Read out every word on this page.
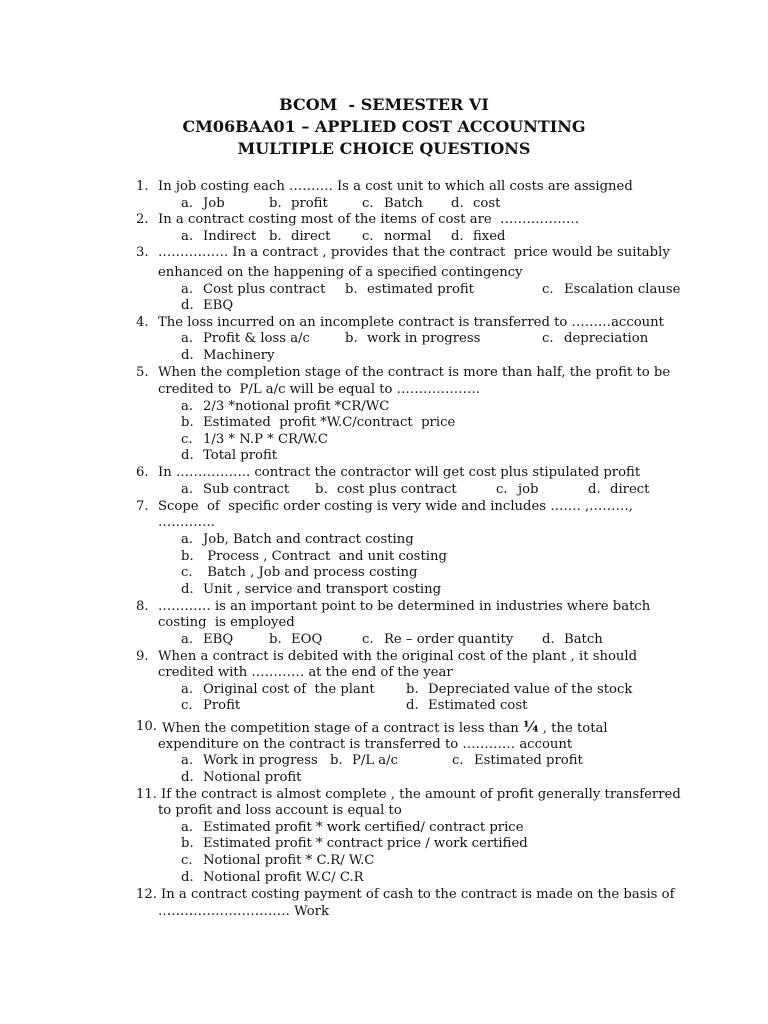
BCOM  - SEMESTER VI
CM06BAA01 – APPLIED COST ACCOUNTING
MULTIPLE CHOICE QUESTIONS
1. In job costing each ………. Is a cost unit to which all costs are assigned
a. Job	b. profit	c. Batch d. cost
2. In a contract costing most of the items of cost are  ………………
a. Indirect b. direct c. normal d. fixed
3. ……………. In a contract , provides that the contract  price would be suitably
enhanced on the happening of a specified contingency
a. Cost plus contract b. estimated profit	c. Escalation clause
d. EBQ
4. The loss incurred on an incomplete contract is transferred to ………account
a. Profit & loss a/c	b. work in progress	c. depreciation
d. Machinery
5. When the completion stage of the contract is more than half, the profit to be
credited to  P/L a/c will be equal to ……………….
a. 2/3 *notional profit *CR/WC
b. Estimated  profit *W.C/contract  price
c. 1/3 * N.P * CR/W.C
d. Total profit
6. In …………….. contract the contractor will get cost plus stipulated profit
a. Sub contract b. cost plus contract	c. job	d. direct
7. Scope  of  specific order costing is very wide and includes ……. ,………,
………….
a. Job, Batch and contract costing
b. Process , Contract  and unit costing
c. Batch , Job and process costing
d. Unit , service and transport costing
8. ………… is an important point to be determined in industries where batch
costing  is employed
a. EBQ	b. EOQ	c. Re – order quantity d. Batch
9. When a contract is debited with the original cost of the plant , it should
credited with ………… at the end of the year
a. Original cost of  the plant b. Depreciated value of the stock
c. Profit	d. Estimated cost
10. When the competition stage of a contract is less than ¼ , the total
expenditure on the contract is transferred to ………… account
a. Work in progress b. P/L a/c	c. Estimated profit
d. Notional profit
11. If the contract is almost complete , the amount of profit generally transferred
to profit and loss account is equal to
a. Estimated profit * work certified/ contract price
b. Estimated profit * contract price / work certified
c. Notional profit * C.R/ W.C
d. Notional profit W.C/ C.R
12. In a contract costing payment of cash to the contract is made on the basis of
………………………… Work
